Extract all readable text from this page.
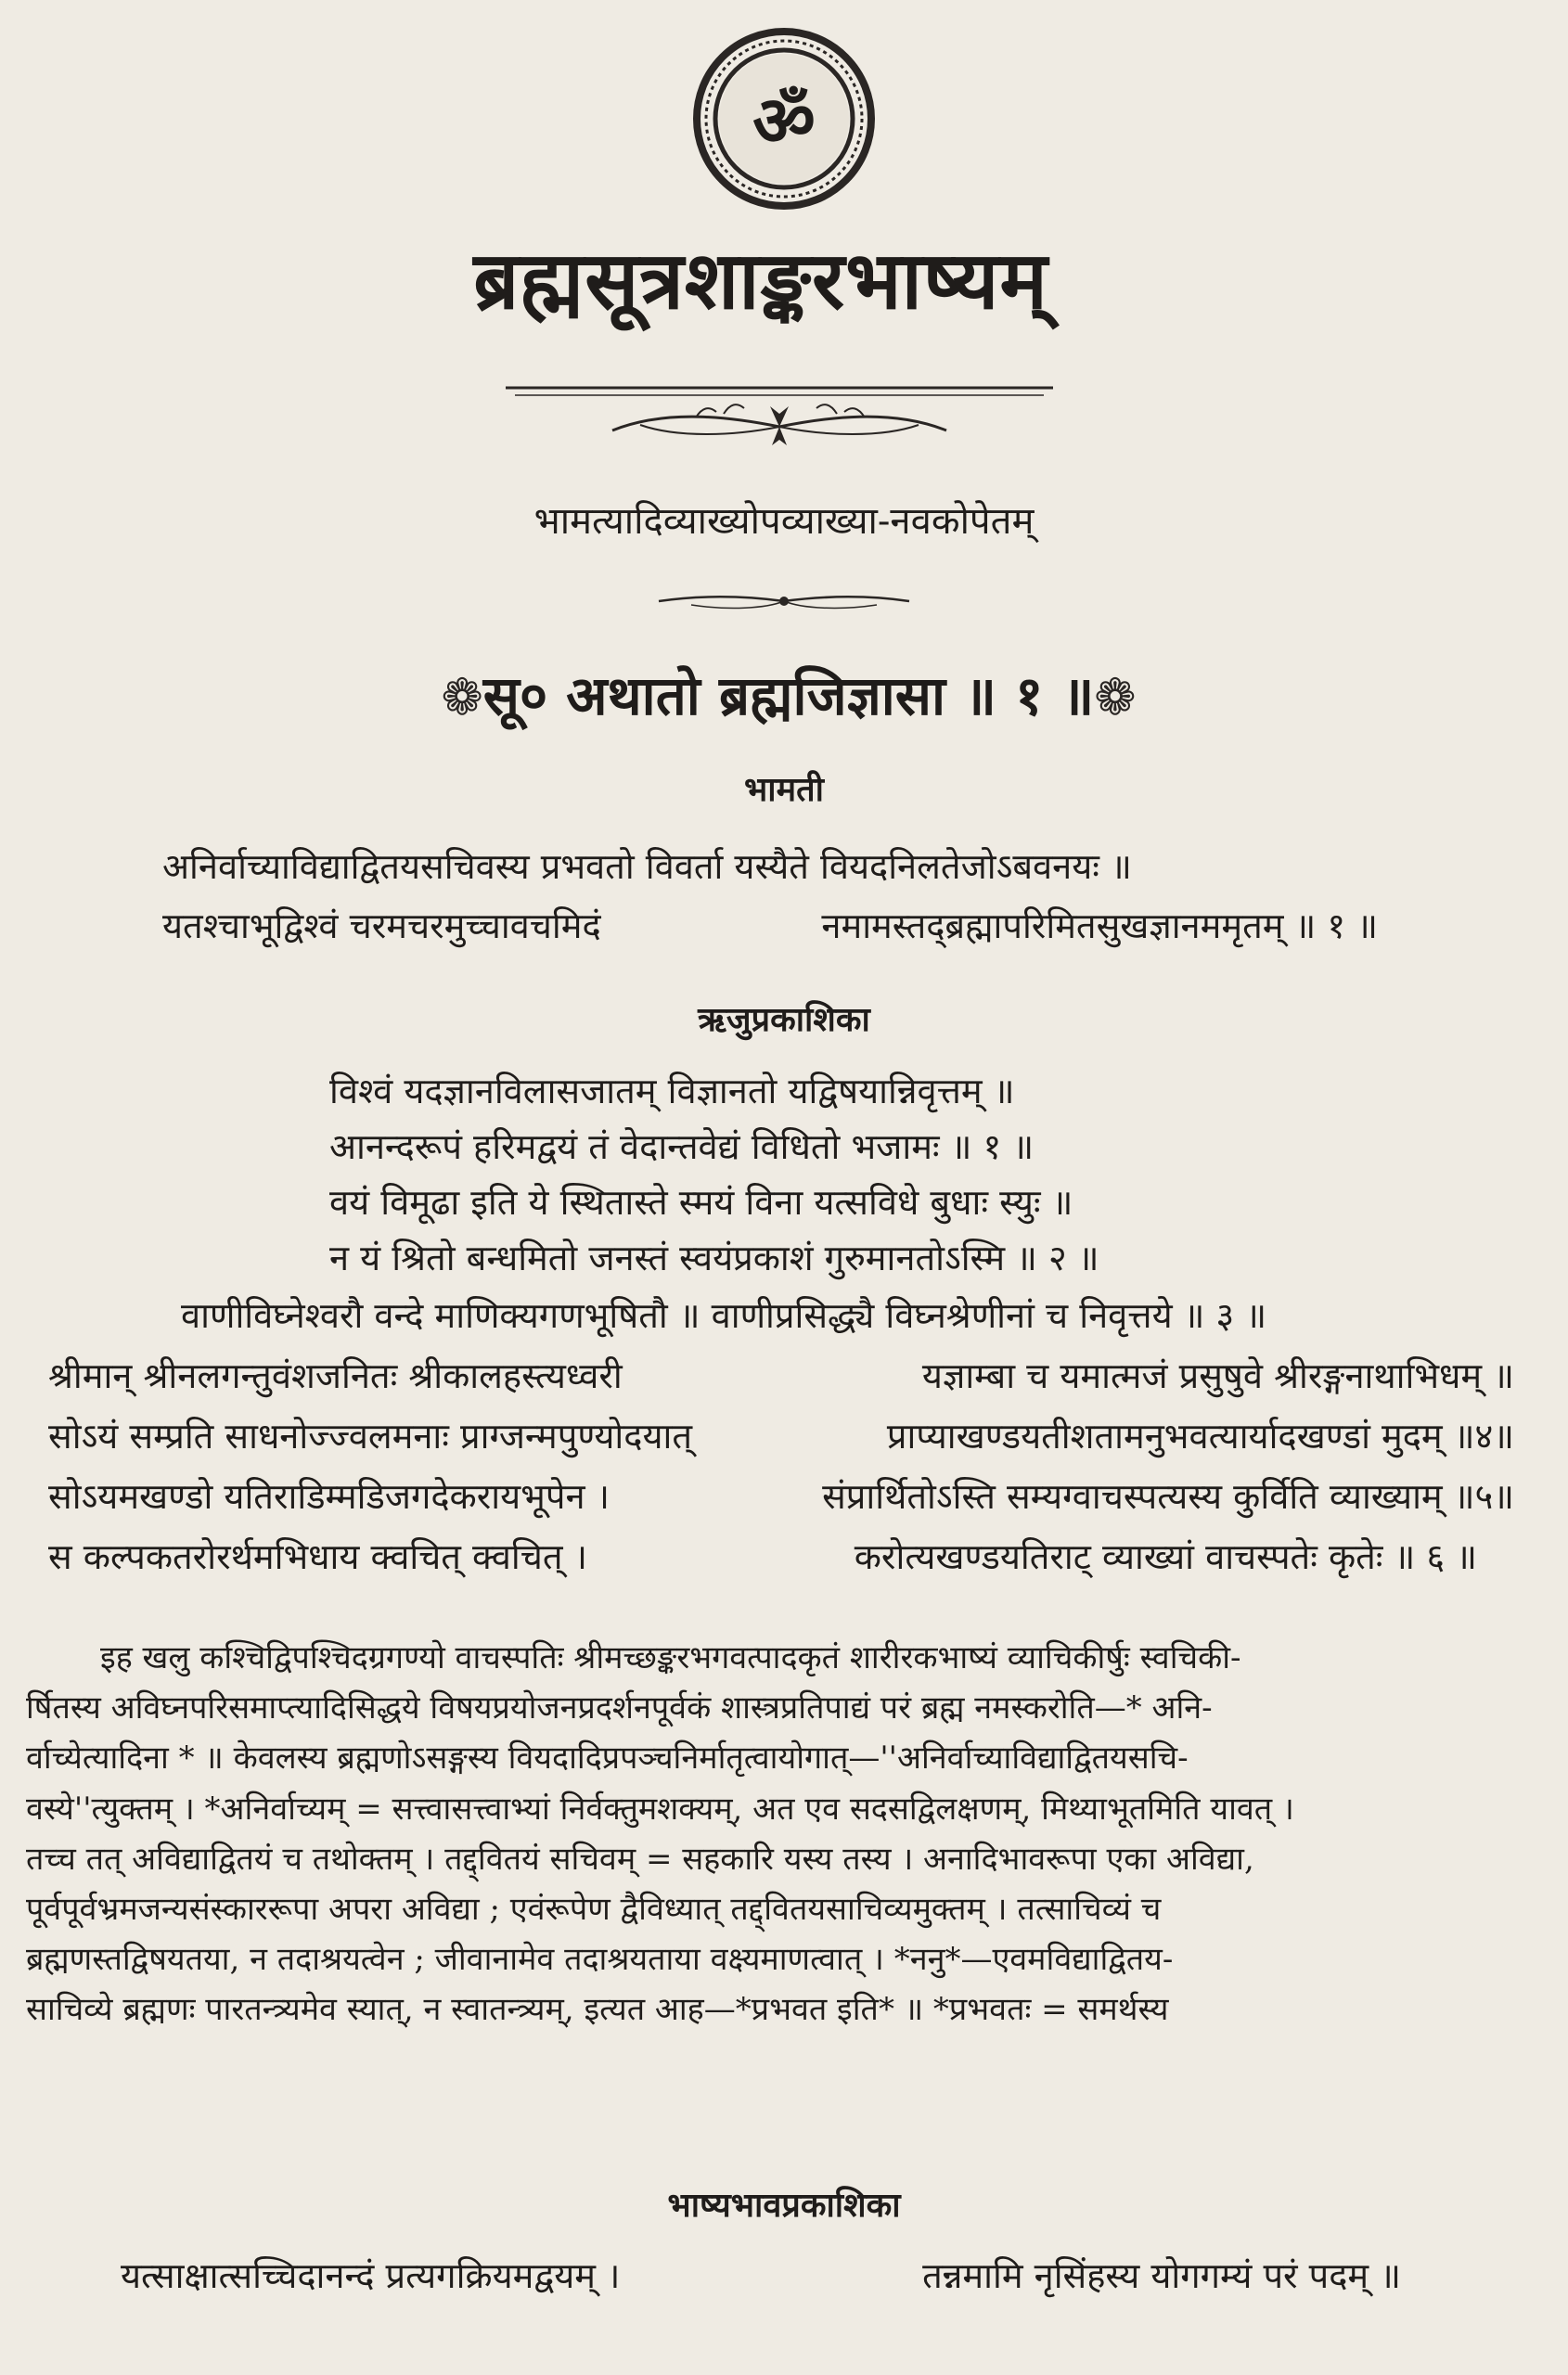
ॐ
ब्रह्मसूत्रशाङ्करभाष्यम्
भामत्यादिव्याख्योपव्याख्या-नवकोपेतम्
❁सू० अथातो ब्रह्मजिज्ञासा ॥ १ ॥❁
भामती
अनिर्वाच्याविद्याद्वितयसचिवस्य प्रभवतो विवर्ता यस्यैते वियदनिलतेजोऽबवनयः ॥
यतश्चाभूद्विश्वं चरमचरमुच्चावचमिदं	नमामस्तद्ब्रह्मापरिमितसुखज्ञानममृतम् ॥ १ ॥
ऋजुप्रकाशिका
विश्वं यदज्ञानविलासजातम् विज्ञानतो यद्विषयान्निवृत्तम् ॥
आनन्दरूपं हरिमद्वयं तं वेदान्तवेद्यं विधितो भजामः ॥ १ ॥
वयं विमूढा इति ये स्थितास्ते स्मयं विना यत्सविधे बुधाः स्युः ॥
न यं श्रितो बन्धमितो जनस्तं स्वयंप्रकाशं गुरुमानतोऽस्मि ॥ २ ॥
वाणीविघ्नेश्वरौ वन्दे माणिक्यगणभूषितौ ॥ वाणीप्रसिद्ध्यै विघ्नश्रेणीनां च निवृत्तये ॥ ३ ॥
श्रीमान् श्रीनलगन्तुवंशजनितः श्रीकालहस्त्यध्वरी	यज्ञाम्बा च यमात्मजं प्रसुषुवे श्रीरङ्गनाथाभिधम् ॥
सोऽयं सम्प्रति साधनोज्ज्वलमनाः प्राग्जन्मपुण्योदयात्	प्राप्याखण्डयतीशतामनुभवत्यार्यादखण्डां मुदम् ॥४॥
सोऽयमखण्डो यतिराडिम्मडिजगदेकरायभूपेन ।	संप्रार्थितोऽस्ति सम्यग्वाचस्पत्यस्य कुर्विति व्याख्याम् ॥५॥
स कल्पकतरोरर्थमभिधाय क्वचित् क्वचित् ।	करोत्यखण्डयतिराट् व्याख्यां वाचस्पतेः कृतेः ॥ ६ ॥
इह खलु कश्चिद्विपश्चिदग्रगण्यो वाचस्पतिः श्रीमच्छङ्करभगवत्पादकृतं शारीरकभाष्यं व्याचिकीर्षुः स्वचिकी-
र्षितस्य अविघ्नपरिसमाप्त्यादिसिद्धये विषयप्रयोजनप्रदर्शनपूर्वकं शास्त्रप्रतिपाद्यं परं ब्रह्म नमस्करोति—* अनि-
र्वाच्येत्यादिना * ॥ केवलस्य ब्रह्मणोऽसङ्गस्य वियदादिप्रपञ्चनिर्मातृत्वायोगात्—''अनिर्वाच्याविद्याद्वितयसचि-
वस्ये''त्युक्तम् । *अनिर्वाच्यम् = सत्त्वासत्त्वाभ्यां निर्वक्तुमशक्यम्, अत एव सदसद्विलक्षणम्, मिथ्याभूतमिति यावत् ।
तच्च तत् अविद्याद्वितयं च तथोक्तम् । तद्द्वितयं सचिवम् = सहकारि यस्य तस्य । अनादिभावरूपा एका अविद्या,
पूर्वपूर्वभ्रमजन्यसंस्काररूपा अपरा अविद्या ; एवंरूपेण द्वैविध्यात् तद्द्वितयसाचिव्यमुक्तम् । तत्साचिव्यं च
ब्रह्मणस्तद्विषयतया, न तदाश्रयत्वेन ; जीवानामेव तदाश्रयताया वक्ष्यमाणत्वात् । *ननु*—एवमविद्याद्वितय-
साचिव्ये ब्रह्मणः पारतन्त्र्यमेव स्यात्, न स्वातन्त्र्यम्, इत्यत आह—*प्रभवत इति* ॥ *प्रभवतः = समर्थस्य
भाष्यभावप्रकाशिका
यत्साक्षात्सच्चिदानन्दं प्रत्यगक्रियमद्वयम् ।	तन्नमामि नृसिंहस्य योगगम्यं परं पदम् ॥
